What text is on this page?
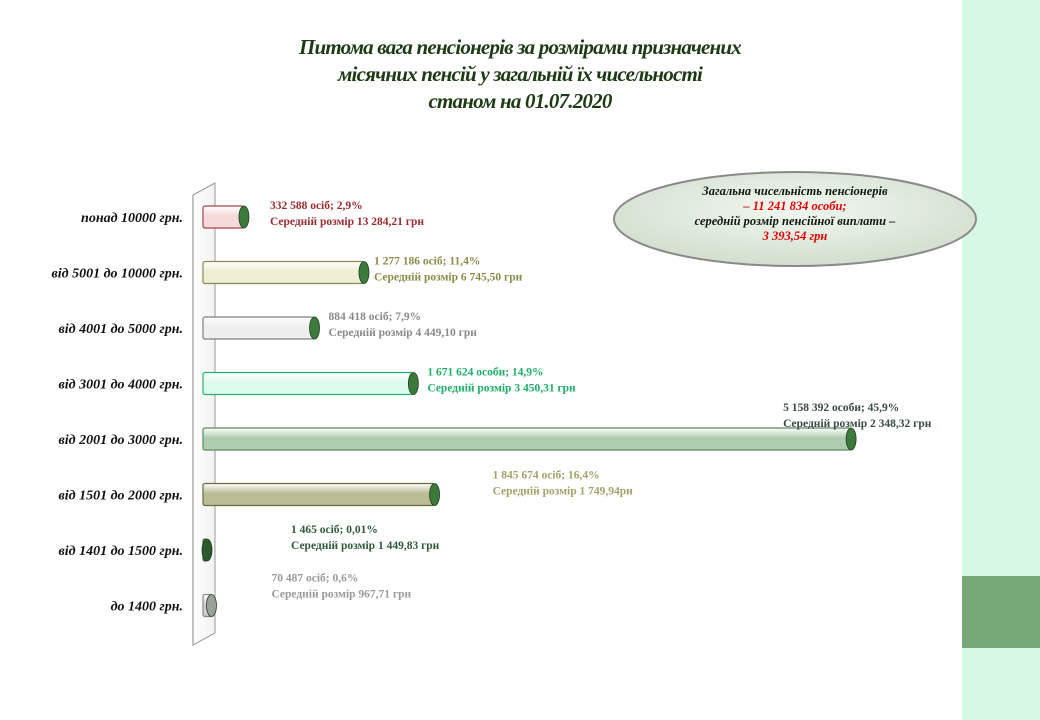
Питома вага пенсіонерів за розмірами призначених
місячних пенсій у загальній їх чисельності
станом на 01.07.2020
понад 10000 грн.
від 5001 до 10000 грн.
від 4001 до 5000 грн.
від 3001 до 4000 грн.
від 2001 до 3000 грн.
від 1501 до 2000 грн.
від 1401 до 1500 грн.
до 1400 грн.
332 588 осіб; 2,9%
Середній розмір 13 284,21 грн
1 277 186 осіб; 11,4%
Середній розмір 6 745,50 грн
884 418 осіб; 7,9%
Середній розмір 4 449,10 грн
1 671 624 особи; 14,9%
Середній розмір 3 450,31 грн
5 158 392 особи; 45,9%
Середній розмір 2 348,32 грн
1 845 674 осіб; 16,4%
Середній розмір 1 749,94рн
1 465 осіб; 0,01%
Середній розмір 1 449,83 грн
70 487 осіб; 0,6%
Середній розмір 967,71 грн
Загальна чисельність пенсіонерів
– 11 241 834 особи;
середній розмір пенсійної виплати –
3 393,54 грн
